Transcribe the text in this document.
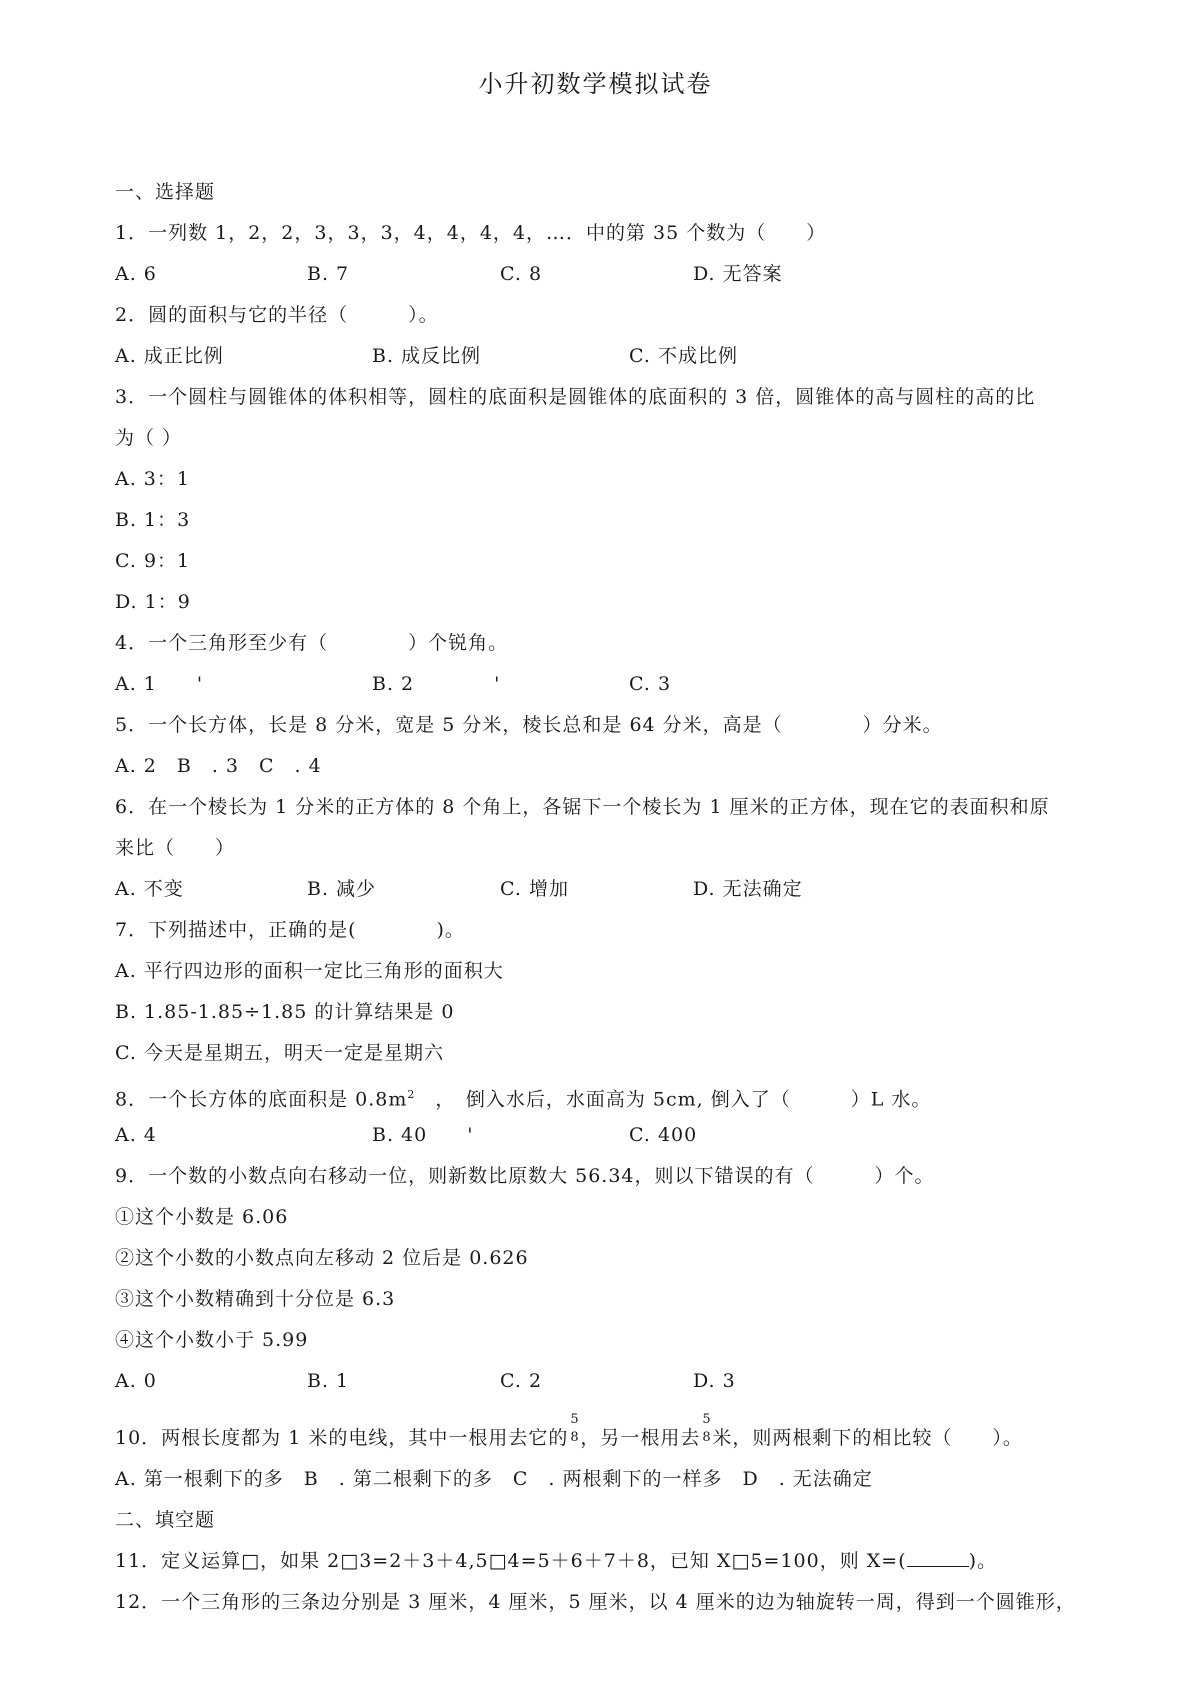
小升初数学模拟试卷
一、选择题
1．一列数 1，2，2，3，3，3，4，4，4，4，…．中的第 35 个数为（　　）
A. 6	B. 7	C. 8	D. 无答案
2．圆的面积与它的半径（　　　）。
A. 成正比例	B. 成反比例	C. 不成比例
3．一个圆柱与圆锥体的体积相等，圆柱的底面积是圆锥体的底面积的 3 倍，圆锥体的高与圆柱的高的比
为（ ）
A. 3：1
B. 1：3
C. 9：1
D. 1：9
4．一个三角形至少有（　　　　）个锐角。
A. 1　　'	B. 2　　　　'	C. 3
5．一个长方体，长是 8 分米，宽是 5 分米，棱长总和是 64 分米，高是（　　　　）分米。
A. 2　B　. 3　C　. 4
6．在一个棱长为 1 分米的正方体的 8 个角上，各锯下一个棱长为 1 厘米的正方体，现在它的表面积和原
来比（　　）
A. 不变	B. 减少	C. 增加	D. 无法确定
7．下列描述中，正确的是(　　　　)。
A. 平行四边形的面积一定比三角形的面积大
B. 1.85-1.85÷1.85 的计算结果是 0
C. 今天是星期五，明天一定是星期六
8．一个长方体的底面积是 $0.8m^2$　，　倒入水后，水面高为 5cm, 倒入了（　　　）L 水。
A. 4	B. 40　　'	C. 400
9．一个数的小数点向右移动一位，则新数比原数大 56.34，则以下错误的有（　　　）个。
①这个小数是 6.06
②这个小数的小数点向左移动 2 位后是 0.626
③这个小数精确到十分位是 6.3
④这个小数小于 5.99
A. 0	B. 1	C. 2	D. 3
10．两根长度都为 1 米的电线，其中一根用去它的
5
8 ，另一根用去
5
8 米，则两根剩下的相比较（　　）。
A. 第一根剩下的多　B　. 第二根剩下的多　C　. 两根剩下的一样多　D　. 无法确定
二、填空题
11．定义运算□，如果 2□3=2＋3＋4,5□4=5＋6＋7＋8，已知 X□5=100，则 X=(	)。
12．一个三角形的三条边分别是 3 厘米，4 厘米，5 厘米，以 4 厘米的边为轴旋转一周，得到一个圆锥形，
